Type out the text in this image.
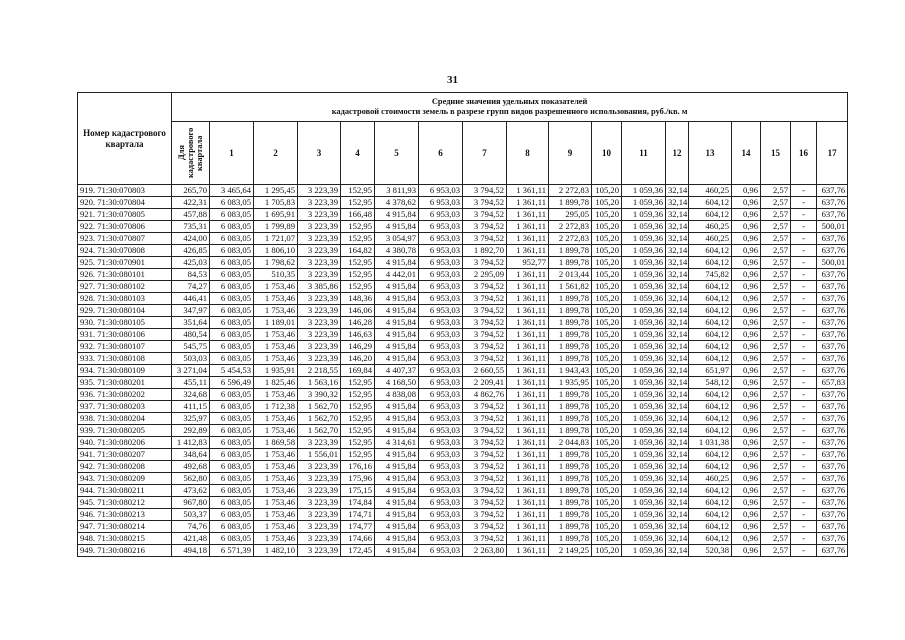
31
Номер кадастрового квартала	Средние значения удельных показателей
кадастровой стоимости земель в разрезе групп видов разрешенного использования, руб./кв. м																	

	Для кадастрового квартала	1	2	3	4	5	6	7	8	9	10	11	12	13	14	15	16	17
919. 71:30:070803	265,70	3 465,64	1 295,45	3 223,39	152,95	3 811,93	6 953,03	3 794,52	1 361,11	2 272,83	105,20	1 059,36	32,14	460,25	0,96	2,57	-	637,76
920. 71:30:070804	422,31	6 083,05	1 705,83	3 223,39	152,95	4 378,62	6 953,03	3 794,52	1 361,11	1 899,78	105,20	1 059,36	32,14	604,12	0,96	2,57	-	637,76
921. 71:30:070805	457,88	6 083,05	1 695,91	3 223,39	166,48	4 915,84	6 953,03	3 794,52	1 361,11	295,05	105,20	1 059,36	32,14	604,12	0,96	2,57	-	637,76
922. 71:30:070806	735,31	6 083,05	1 799,89	3 223,39	152,95	4 915,84	6 953,03	3 794,52	1 361,11	2 272,83	105,20	1 059,36	32,14	460,25	0,96	2,57	-	500,01
923. 71:30:070807	424,00	6 083,05	1 721,07	3 223,39	152,95	3 054,97	6 953,03	3 794,52	1 361,11	2 272,83	105,20	1 059,36	32,14	460,25	0,96	2,57	-	637,76
924. 71:30:070808	426,85	6 083,05	1 806,10	3 223,39	164,82	4 380,78	6 953,03	1 892,70	1 361,11	1 899,78	105,20	1 059,36	32,14	604,12	0,96	2,57	-	637,76
925. 71:30:070901	425,03	6 083,05	1 798,62	3 223,39	152,95	4 915,84	6 953,03	3 794,52	952,77	1 899,78	105,20	1 059,36	32,14	604,12	0,96	2,57	-	500,01
926. 71:30:080101	84,53	6 083,05	510,35	3 223,39	152,95	4 442,01	6 953,03	2 295,09	1 361,11	2 013,44	105,20	1 059,36	32,14	745,82	0,96	2,57	-	637,76
927. 71:30:080102	74,27	6 083,05	1 753,46	3 385,86	152,95	4 915,84	6 953,03	3 794,52	1 361,11	1 561,82	105,20	1 059,36	32,14	604,12	0,96	2,57	-	637,76
928. 71:30:080103	446,41	6 083,05	1 753,46	3 223,39	148,36	4 915,84	6 953,03	3 794,52	1 361,11	1 899,78	105,20	1 059,36	32,14	604,12	0,96	2,57	-	637,76
929. 71:30:080104	347,97	6 083,05	1 753,46	3 223,39	146,06	4 915,84	6 953,03	3 794,52	1 361,11	1 899,78	105,20	1 059,36	32,14	604,12	0,96	2,57	-	637,76
930. 71:30:080105	351,64	6 083,05	1 189,01	3 223,39	146,28	4 915,84	6 953,03	3 794,52	1 361,11	1 899,78	105,20	1 059,36	32,14	604,12	0,96	2,57	-	637,76
931. 71:30:080106	480,54	6 083,05	1 753,46	3 223,39	146,63	4 915,84	6 953,03	3 794,52	1 361,11	1 899,78	105,20	1 059,36	32,14	604,12	0,96	2,57	-	637,76
932. 71:30:080107	545,75	6 083,05	1 753,46	3 223,39	146,29	4 915,84	6 953,03	3 794,52	1 361,11	1 899,78	105,20	1 059,36	32,14	604,12	0,96	2,57	-	637,76
933. 71:30:080108	503,03	6 083,05	1 753,46	3 223,39	146,20	4 915,84	6 953,03	3 794,52	1 361,11	1 899,78	105,20	1 059,36	32,14	604,12	0,96	2,57	-	637,76
934. 71:30:080109	3 271,04	5 454,53	1 935,91	2 218,55	169,84	4 407,37	6 953,03	2 660,55	1 361,11	1 943,43	105,20	1 059,36	32,14	651,97	0,96	2,57	-	637,76
935. 71:30:080201	455,11	6 596,49	1 825,46	1 563,16	152,95	4 168,50	6 953,03	2 209,41	1 361,11	1 935,95	105,20	1 059,36	32,14	548,12	0,96	2,57	-	657,83
936. 71:30:080202	324,68	6 083,05	1 753,46	3 390,32	152,95	4 838,08	6 953,03	4 862,76	1 361,11	1 899,78	105,20	1 059,36	32,14	604,12	0,96	2,57	-	637,76
937. 71:30:080203	411,15	6 083,05	1 712,38	1 562,70	152,95	4 915,84	6 953,03	3 794,52	1 361,11	1 899,78	105,20	1 059,36	32,14	604,12	0,96	2,57	-	637,76
938. 71:30:080204	325,97	6 083,05	1 753,46	1 562,70	152,95	4 915,84	6 953,03	3 794,52	1 361,11	1 899,78	105,20	1 059,36	32,14	604,12	0,96	2,57	-	637,76
939. 71:30:080205	292,89	6 083,05	1 753,46	1 562,70	152,95	4 915,84	6 953,03	3 794,52	1 361,11	1 899,78	105,20	1 059,36	32,14	604,12	0,96	2,57	-	637,76
940. 71:30:080206	1 412,83	6 083,05	1 869,58	3 223,39	152,95	4 314,61	6 953,03	3 794,52	1 361,11	2 044,83	105,20	1 059,36	32,14	1 031,38	0,96	2,57	-	637,76
941. 71:30:080207	348,64	6 083,05	1 753,46	1 556,01	152,95	4 915,84	6 953,03	3 794,52	1 361,11	1 899,78	105,20	1 059,36	32,14	604,12	0,96	2,57	-	637,76
942. 71:30:080208	492,68	6 083,05	1 753,46	3 223,39	176,16	4 915,84	6 953,03	3 794,52	1 361,11	1 899,78	105,20	1 059,36	32,14	604,12	0,96	2,57	-	637,76
943. 71:30:080209	562,80	6 083,05	1 753,46	3 223,39	175,96	4 915,84	6 953,03	3 794,52	1 361,11	1 899,78	105,20	1 059,36	32,14	460,25	0,96	2,57	-	637,76
944. 71:30:080211	473,62	6 083,05	1 753,46	3 223,39	175,15	4 915,84	6 953,03	3 794,52	1 361,11	1 899,78	105,20	1 059,36	32,14	604,12	0,96	2,57	-	637,76
945. 71:30:080212	967,80	6 083,05	1 753,46	3 223,39	174,84	4 915,84	6 953,03	3 794,52	1 361,11	1 899,78	105,20	1 059,36	32,14	604,12	0,96	2,57	-	637,76
946. 71:30:080213	503,37	6 083,05	1 753,46	3 223,39	174,71	4 915,84	6 953,03	3 794,52	1 361,11	1 899,78	105,20	1 059,36	32,14	604,12	0,96	2,57	-	637,76
947. 71:30:080214	74,76	6 083,05	1 753,46	3 223,39	174,77	4 915,84	6 953,03	3 794,52	1 361,11	1 899,78	105,20	1 059,36	32,14	604,12	0,96	2,57	-	637,76
948. 71:30:080215	421,48	6 083,05	1 753,46	3 223,39	174,66	4 915,84	6 953,03	3 794,52	1 361,11	1 899,78	105,20	1 059,36	32,14	604,12	0,96	2,57	-	637,76
949. 71:30:080216	494,18	6 571,39	1 482,10	3 223,39	172,45	4 915,84	6 953,03	2 263,80	1 361,11	2 149,25	105,20	1 059,36	32,14	520,38	0,96	2,57	-	637,76
